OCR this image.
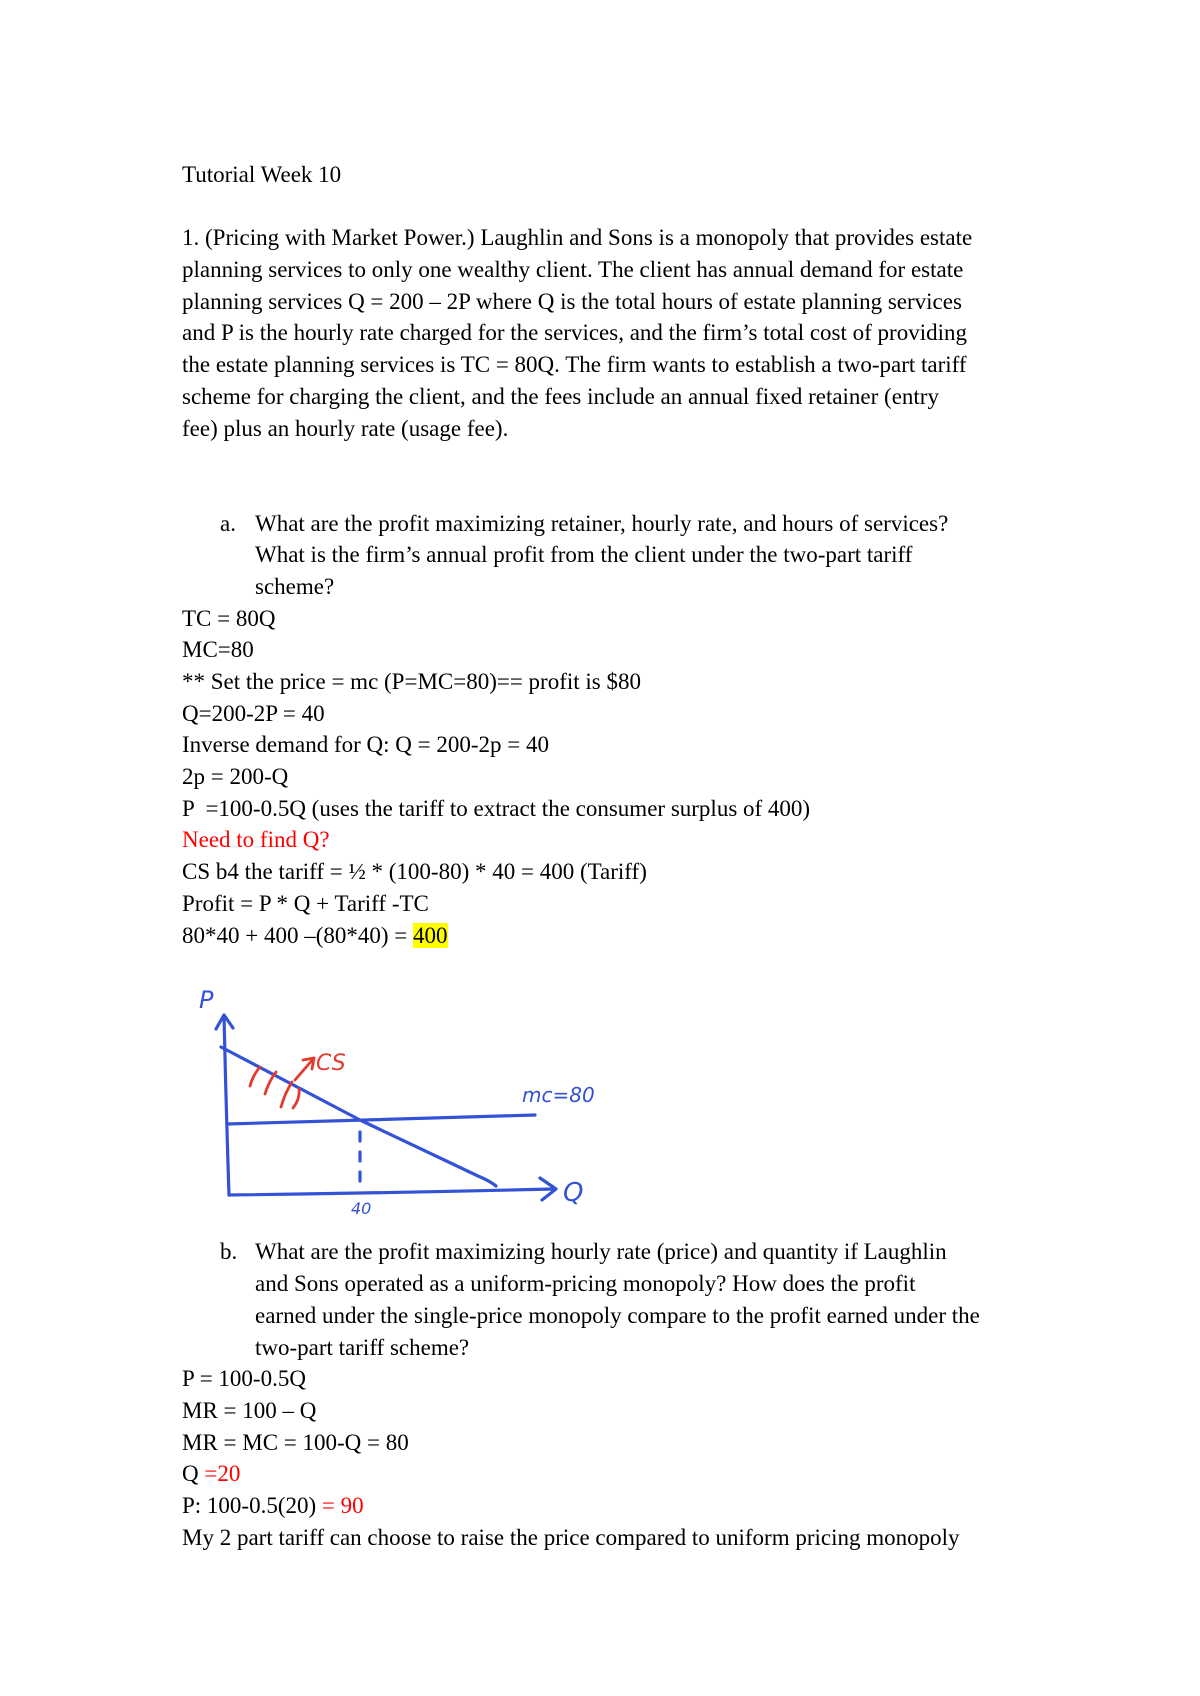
Tutorial Week 10
1. (Pricing with Market Power.) Laughlin and Sons is a monopoly that provides estate
planning services to only one wealthy client. The client has annual demand for estate
planning services Q = 200 – 2P where Q is the total hours of estate planning services
and P is the hourly rate charged for the services, and the firm’s total cost of providing
the estate planning services is TC = 80Q. The firm wants to establish a two-part tariff
scheme for charging the client, and the fees include an annual fixed retainer (entry
fee) plus an hourly rate (usage fee).
a. What are the profit maximizing retainer, hourly rate, and hours of services?
What is the firm’s annual profit from the client under the two-part tariff
scheme?
TC = 80Q
MC=80
** Set the price = mc (P=MC=80)== profit is $80
Q=200-2P = 40
Inverse demand for Q: Q = 200-2p = 40
2p = 200-Q
P  =100-0.5Q (uses the tariff to extract the consumer surplus of 400)
Need to find Q?
CS b4 the tariff = ½ * (100-80) * 40 = 400 (Tariff)
Profit = P * Q + Tariff -TC
80*40 + 400 –(80*40) = 400
b. What are the profit maximizing hourly rate (price) and quantity if Laughlin
and Sons operated as a uniform-pricing monopoly? How does the profit
earned under the single-price monopoly compare to the profit earned under the
two-part tariff scheme?
P = 100-0.5Q
MR = 100 – Q
MR = MC = 100-Q = 80
Q =20
P: 100-0.5(20) = 90
My 2 part tariff can choose to raise the price compared to uniform pricing monopoly
P
Q
mc=80
40
CS
